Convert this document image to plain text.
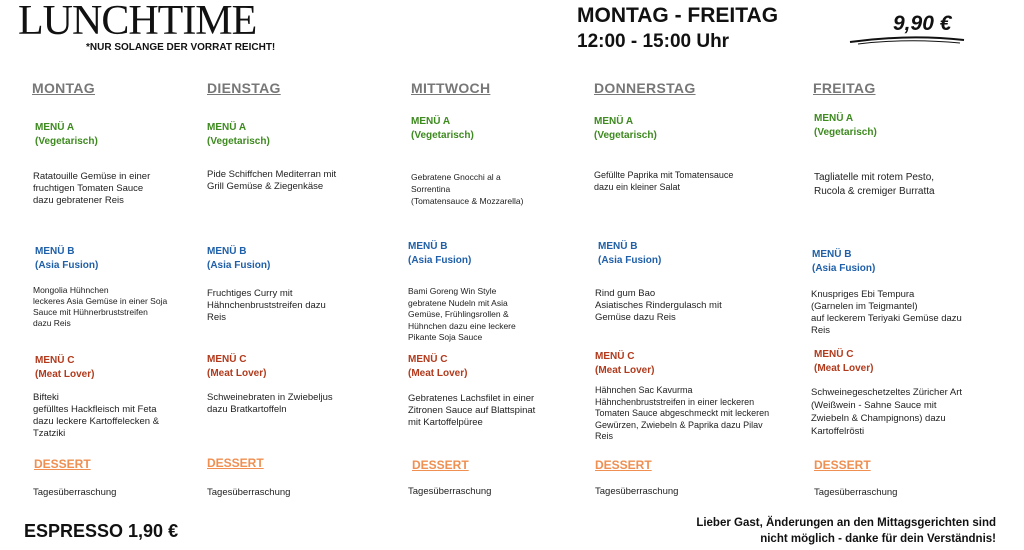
LUNCHTIME
*NUR SOLANGE DER VORRAT REICHT!
MONTAG - FREITAG
12:00 - 15:00 Uhr
9,90 €
MONTAG
MENÜ A
(Vegetarisch)
Ratatouille Gemüse in einer
fruchtigen Tomaten Sauce
dazu gebratener Reis
MENÜ B
(Asia Fusion)
Mongolia Hühnchen
leckeres Asia Gemüse in einer Soja
Sauce mit Hühnerbruststreifen
dazu Reis
MENÜ C
(Meat Lover)
Bifteki
gefülltes Hackfleisch mit Feta
dazu leckere Kartoffelecken &
Tzatziki
DESSERT
Tagesüberraschung
DIENSTAG
MENÜ A
(Vegetarisch)
Pide Schiffchen Mediterran mit
Grill Gemüse & Ziegenkäse
MENÜ B
(Asia Fusion)
Fruchtiges Curry mit
Hähnchenbruststreifen dazu
Reis
MENÜ C
(Meat Lover)
Schweinebraten in Zwiebeljus
dazu Bratkartoffeln
DESSERT
Tagesüberraschung
MITTWOCH
MENÜ A
(Vegetarisch)
Gebratene Gnocchi al a
Sorrentina
(Tomatensauce & Mozzarella)
MENÜ B
(Asia Fusion)
Bami Goreng Win Style
gebratene Nudeln mit Asia
Gemüse, Frühlingsrollen &
Hühnchen dazu eine leckere
Pikante Soja Sauce
MENÜ C
(Meat Lover)
Gebratenes Lachsfilet in einer
Zitronen Sauce auf Blattspinat
mit Kartoffelpüree
DESSERT
Tagesüberraschung
DONNERSTAG
MENÜ A
(Vegetarisch)
Gefüllte Paprika mit Tomatensauce
dazu ein kleiner Salat
MENÜ B
(Asia Fusion)
Rind gum Bao
Asiatisches Rindergulasch mit
Gemüse dazu Reis
MENÜ C
(Meat Lover)
Hähnchen Sac Kavurma
Hähnchenbruststreifen in einer leckeren
Tomaten Sauce abgeschmeckt mit leckeren
Gewürzen, Zwiebeln & Paprika dazu Pilav
Reis
DESSERT
Tagesüberraschung
FREITAG
MENÜ A
(Vegetarisch)
Tagliatelle mit rotem Pesto,
Rucola & cremiger Burratta
MENÜ B
(Asia Fusion)
Knuspriges Ebi Tempura
(Garnelen im Teigmantel)
auf leckerem Teriyaki Gemüse dazu
Reis
MENÜ C
(Meat Lover)
Schweinegeschetzeltes Züricher Art
(Weißwein - Sahne Sauce mit
Zwiebeln & Champignons) dazu
Kartoffelrösti
DESSERT
Tagesüberraschung
ESPRESSO 1,90 €	Lieber Gast, Änderungen an den Mittagsgerichten sind
nicht möglich - danke für dein Verständnis!
